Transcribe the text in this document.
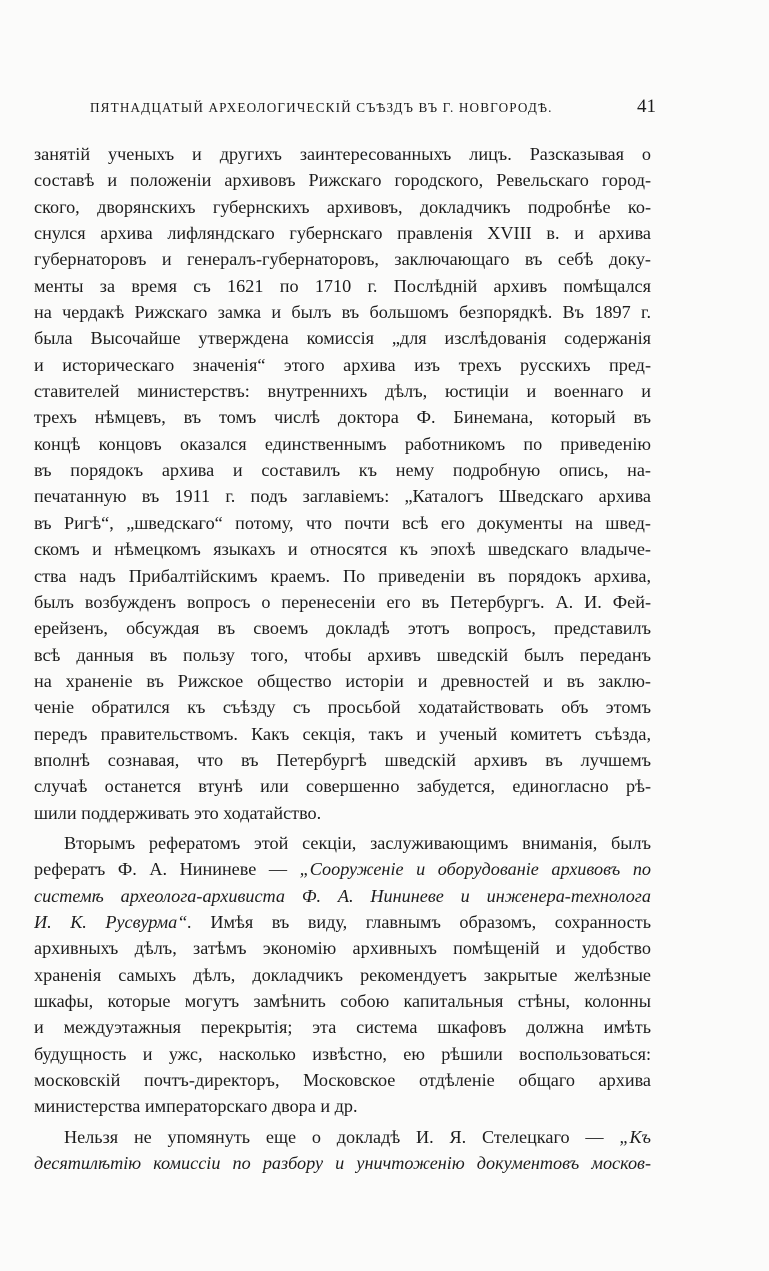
ПЯТНАДЦАТЫЙ АРХЕОЛОГИЧЕСКІЙ СЪѢЗДЪ ВЪ Г. НОВГОРОДѢ.	41
занятій ученыхъ и другихъ заинтересованныхъ лицъ. Разсказывая о
составѣ и положеніи архивовъ Рижскаго городского, Ревельскаго город-
ского, дворянскихъ губернскихъ архивовъ, докладчикъ подробнѣе ко-
снулся архива лифляндскаго губернскаго правленія XVIII в. и архива
губернаторовъ и генералъ-губернаторовъ, заключающаго въ себѣ доку-
менты за время съ 1621 по 1710 г. Послѣдній архивъ помѣщался
на чердакѣ Рижскаго замка и былъ въ большомъ безпорядкѣ. Въ 1897 г.
была Высочайше утверждена комиссія „для изслѣдованія содержанія
и историческаго значенія“ этого архива изъ трехъ русскихъ пред-
ставителей министерствъ: внутреннихъ дѣлъ, юстиціи и военнаго и
трехъ нѣмцевъ, въ томъ числѣ доктора Ф. Бинемана, который въ
концѣ концовъ оказался единственнымъ работникомъ по приведенію
въ порядокъ архива и составилъ къ нему подробную опись, на-
печатанную въ 1911 г. подъ заглавіемъ: „Каталогъ Шведскаго архива
въ Ригѣ“, „шведскаго“ потому, что почти всѣ его документы на швед-
скомъ и нѣмецкомъ языкахъ и относятся къ эпохѣ шведскаго владыче-
ства надъ Прибалтійскимъ краемъ. По приведеніи въ порядокъ архива,
былъ возбужденъ вопросъ о перенесеніи его въ Петербургъ. А. И. Фей-
ерейзенъ, обсуждая въ своемъ докладѣ этотъ вопросъ, представилъ
всѣ данныя въ пользу того, чтобы архивъ шведскій былъ переданъ
на храненіе въ Рижское общество исторіи и древностей и въ заклю-
ченіе обратился къ съѣзду съ просьбой ходатайствовать объ этомъ
передъ правительствомъ. Какъ секція, такъ и ученый комитетъ съѣзда,
вполнѣ сознавая, что въ Петербургѣ шведскій архивъ въ лучшемъ
случаѣ останется втунѣ или совершенно забудется, единогласно рѣ-
шили поддерживать это ходатайство.
Вторымъ рефератомъ этой секціи, заслуживающимъ вниманія, былъ
рефератъ Ф. А. Нининеве — „Сооруженіе и оборудованіе архивовъ по
системѣ археолога-архивиста Ф. А. Нининеве и инженера-технолога
И. К. Русвурма“. Имѣя въ виду, главнымъ образомъ, сохранность
архивныхъ дѣлъ, затѣмъ экономію архивныхъ помѣщеній и удобство
храненія самыхъ дѣлъ, докладчикъ рекомендуетъ закрытые желѣзные
шкафы, которые могутъ замѣнить собою капитальныя стѣны, колонны
и междуэтажныя перекрытія; эта система шкафовъ должна имѣть
будущность и ужс, насколько извѣстно, ею рѣшили воспользоваться:
московскій почтъ-директоръ, Московское отдѣленіе общаго архива
министерства императорскаго двора и др.
Нельзя не упомянуть еще о докладѣ И. Я. Стелецкаго — „Къ
десятилѣтію комиссіи по разбору и уничтоженію документовъ москов-
